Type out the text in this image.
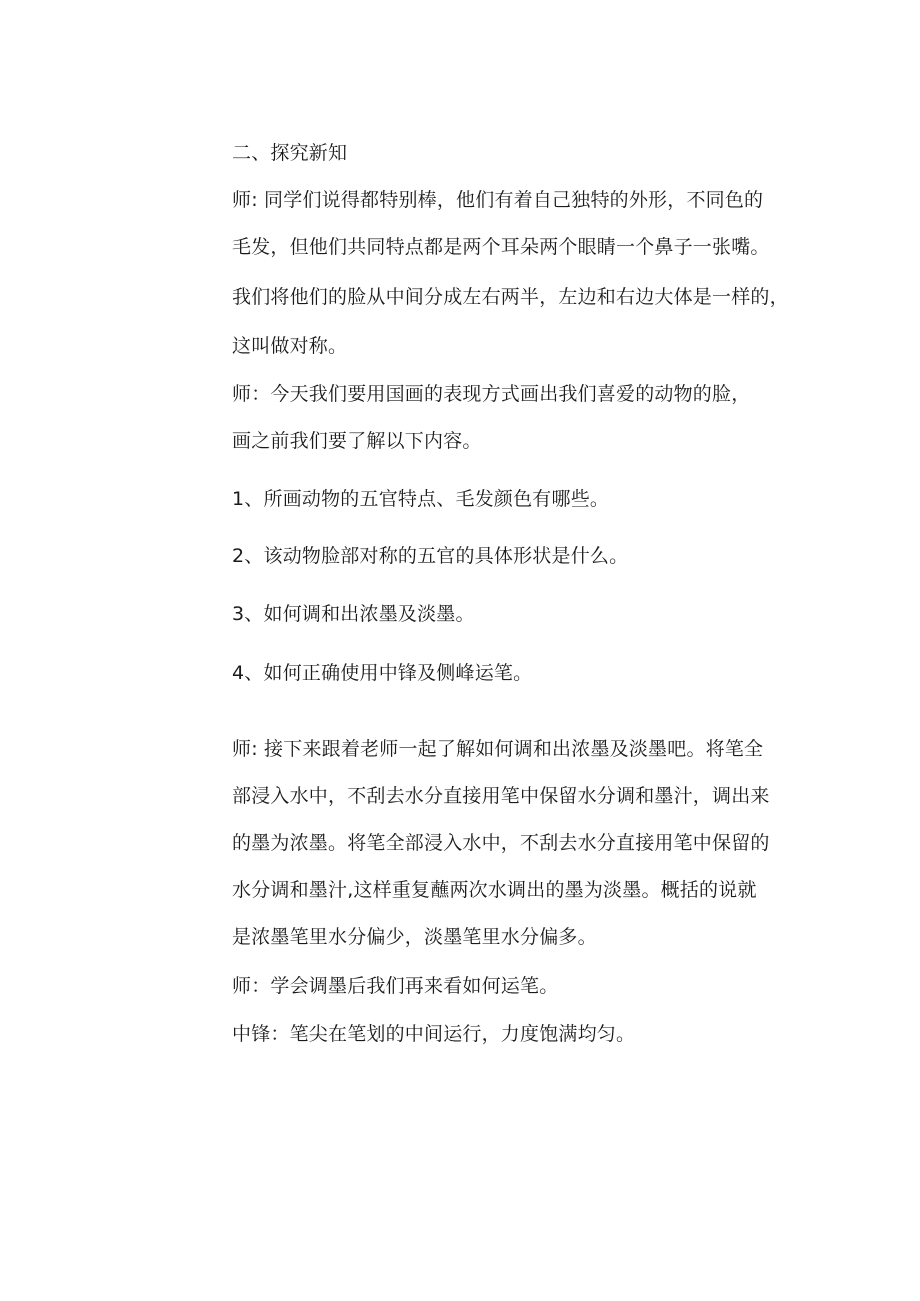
二、探究新知
师: 同学们说得都特别棒，他们有着自己独特的外形，不同色的
毛发，但他们共同特点都是两个耳朵两个眼睛一个鼻子一张嘴。
我们将他们的脸从中间分成左右两半，左边和右边大体是一样的，
这叫做对称。
师：今天我们要用国画的表现方式画出我们喜爱的动物的脸，
画之前我们要了解以下内容。
1、所画动物的五官特点、毛发颜色有哪些。
2、该动物脸部对称的五官的具体形状是什么。
3、如何调和出浓墨及淡墨。
4、如何正确使用中锋及侧峰运笔。
师: 接下来跟着老师一起了解如何调和出浓墨及淡墨吧。将笔全
部浸入水中，不刮去水分直接用笔中保留水分调和墨汁，调出来
的墨为浓墨。将笔全部浸入水中，不刮去水分直接用笔中保留的
水分调和墨汁,这样重复蘸两次水调出的墨为淡墨。概括的说就
是浓墨笔里水分偏少，淡墨笔里水分偏多。
师：学会调墨后我们再来看如何运笔。
中锋：笔尖在笔划的中间运行，力度饱满均匀。
